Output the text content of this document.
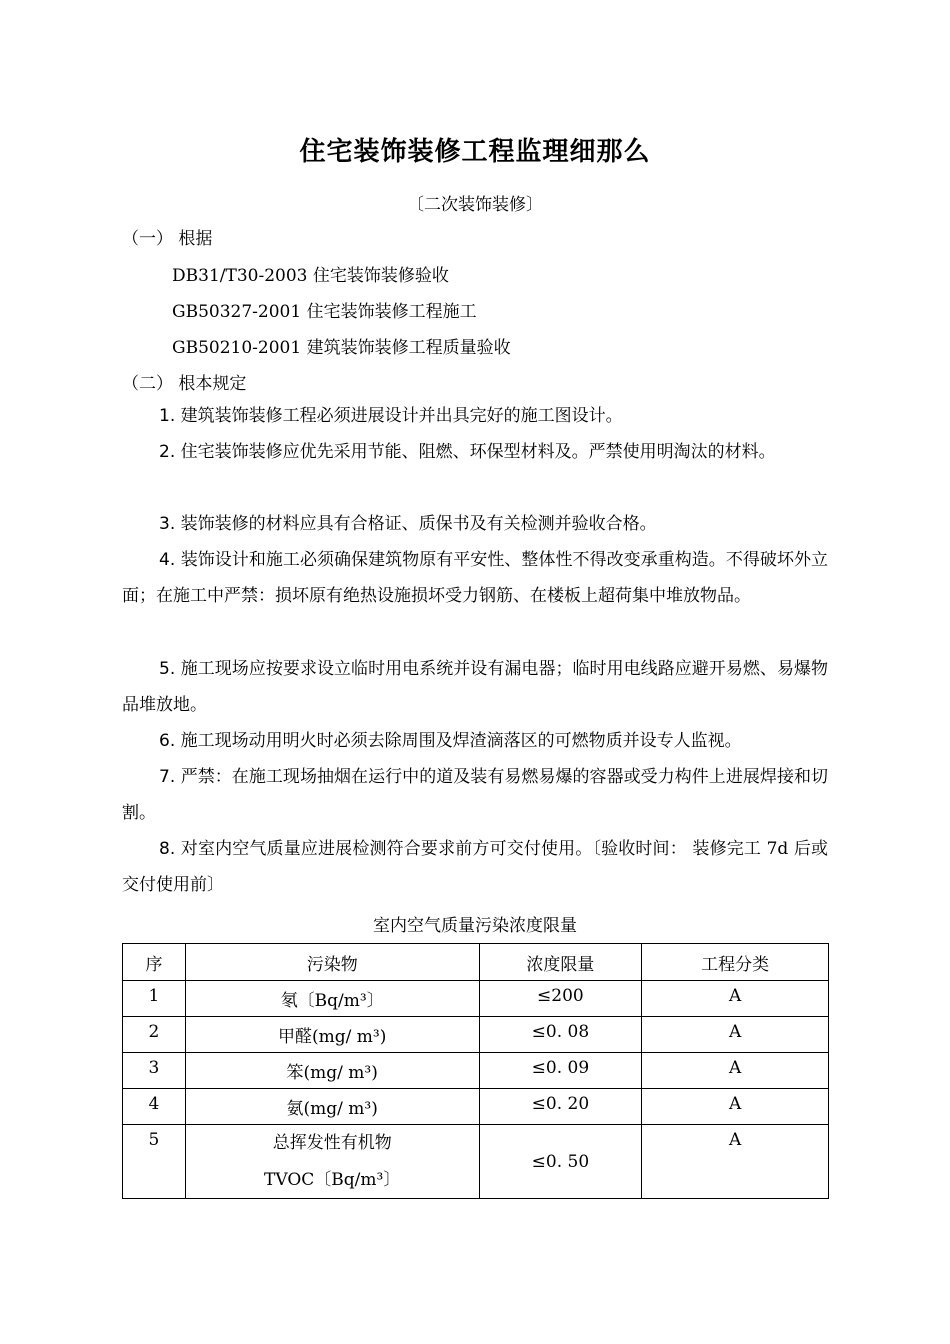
住宅装饰装修工程监理细那么
〔二次装饰装修〕
（一） 根据
DB31/T30-2003 住宅装饰装修验收
GB50327-2001 住宅装饰装修工程施工
GB50210-2001 建筑装饰装修工程质量验收
（二） 根本规定
1. 建筑装饰装修工程必须进展设计并出具完好的施工图设计。
2. 住宅装饰装修应优先采用节能、阻燃、环保型材料及。严禁使用明淘汰的材料。
3. 装饰装修的材料应具有合格证、质保书及有关检测并验收合格。
4. 装饰设计和施工必须确保建筑物原有平安性、整体性不得改变承重构造。不得破坏外立面；在施工中严禁：损坏原有绝热设施损坏受力钢筋、在楼板上超荷集中堆放物品。
5. 施工现场应按要求设立临时用电系统并设有漏电器；临时用电线路应避开易燃、易爆物品堆放地。
6. 施工现场动用明火时必须去除周围及焊渣滴落区的可燃物质并设专人监视。
7. 严禁：在施工现场抽烟在运行中的道及装有易燃易爆的容器或受力构件上进展焊接和切割。
8. 对室内空气质量应进展检测符合要求前方可交付使用。〔验收时间： 装修完工 7d 后或交付使用前〕
室内空气质量污染浓度限量
序	污染物	浓度限量	工程分类
1	氡〔Bq/m³〕	≤200	A
2	甲醛(mg/ m³)	≤0. 08	A
3	笨(mg/ m³)	≤0. 09	A
4	氨(mg/ m³)	≤0. 20	A
5	总挥发性有机物
TVOC〔Bq/m³〕	≤0. 50	A
